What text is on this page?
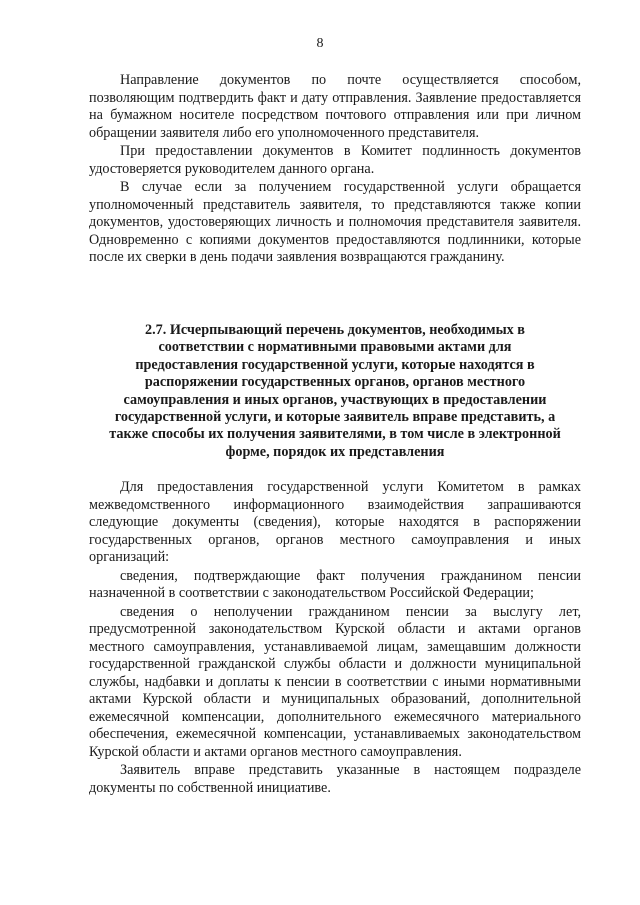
8

Направление документов по почте осуществляется способом, позволяющим подтвердить факт и дату отправления. Заявление предоставляется на бумажном носителе посредством почтового отправления или при личном обращении заявителя либо его уполномоченного представителя.

При предоставлении документов в Комитет подлинность документов удостоверяется руководителем данного органа.

В случае если за получением государственной услуги обращается уполномоченный представитель заявителя, то представляются также копии документов, удостоверяющих личность и полномочия представителя заявителя. Одновременно с копиями документов предоставляются подлинники, которые после их сверки в день подачи заявления возвращаются гражданину.

2.7. Исчерпывающий перечень документов, необходимых в
соответствии с нормативными правовыми актами для
предоставления государственной услуги, которые находятся в
распоряжении государственных органов, органов местного
самоуправления и иных органов, участвующих в предоставлении
государственной услуги, и которые заявитель вправе представить, а
также способы их получения заявителями, в том числе в электронной
форме, порядок их представления

Для предоставления государственной услуги Комитетом в рамках межведомственного информационного взаимодействия запрашиваются следующие документы (сведения), которые находятся в распоряжении государственных органов, органов местного самоуправления и иных организаций:

сведения, подтверждающие факт получения гражданином пенсии назначенной в соответствии с законодательством Российской Федерации;

сведения о неполучении гражданином пенсии за выслугу лет, предусмотренной законодательством Курской области и актами органов местного самоуправления, устанавливаемой лицам, замещавшим должности государственной гражданской службы области и должности муниципальной службы, надбавки и доплаты к пенсии в соответствии с иными нормативными актами Курской области и муниципальных образований, дополнительной ежемесячной компенсации, дополнительного ежемесячного материального обеспечения, ежемесячной компенсации, устанавливаемых законодательством Курской области и актами органов местного самоуправления.

Заявитель вправе представить указанные в настоящем подразделе документы по собственной инициативе.
